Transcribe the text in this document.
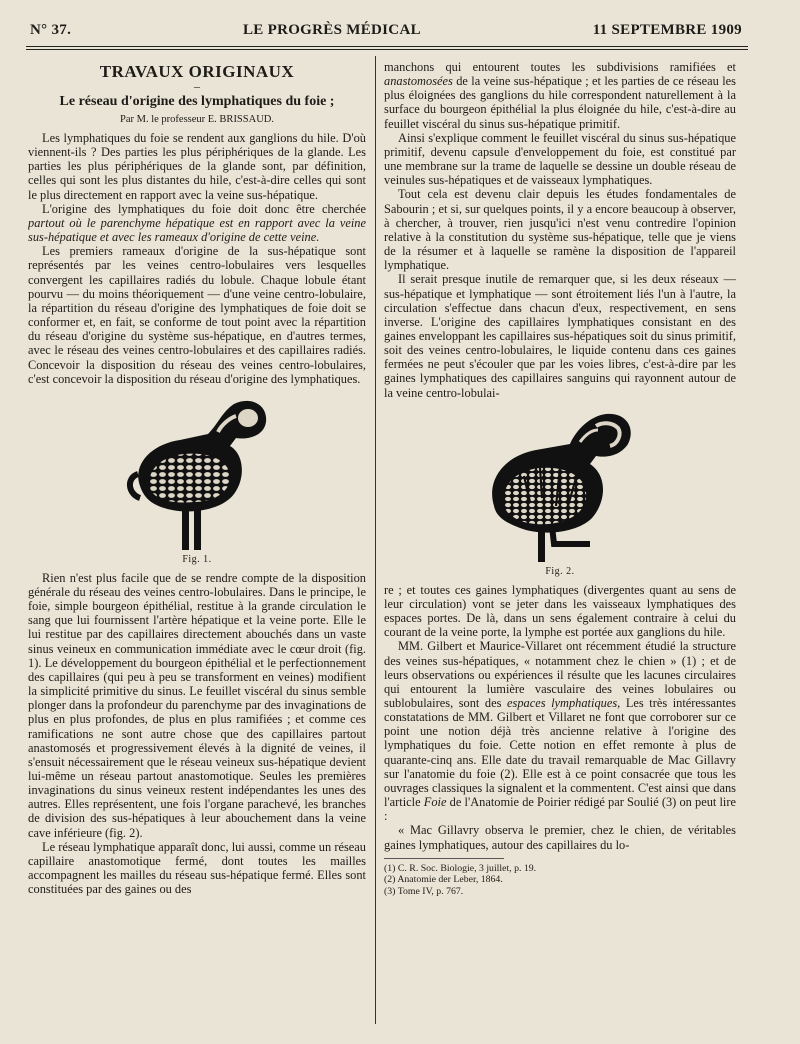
N° 37.	LE PROGRÈS MÉDICAL	11 SEPTEMBRE 1909
TRAVAUX ORIGINAUX
–
Le réseau d'origine des lymphatiques du foie ;
Par M. le professeur E. BRISSAUD.

Les lymphatiques du foie se rendent aux ganglions du hile. D'où viennent-ils ? Des parties les plus périphériques de la glande. Les parties les plus périphériques de la glande sont, par définition, celles qui sont les plus distantes du hile, c'est-à-dire celles qui sont le plus directement en rapport avec la veine sus-hépatique.

L'origine des lymphatiques du foie doit donc être cherchée partout où le parenchyme hépatique est en rapport avec la veine sus-hépatique et avec les rameaux d'origine de cette veine.

Les premiers rameaux d'origine de la sus-hépatique sont représentés par les veines centro-lobulaires vers lesquelles convergent les capillaires radiés du lobule. Chaque lobule étant pourvu — du moins théoriquement — d'une veine centro-lobulaire, la répartition du réseau d'origine des lymphatiques de foie doit se conformer et, en fait, se conforme de tout point avec la répartition du réseau d'origine du système sus-hépatique, en d'autres termes, avec le réseau des veines centro-lobulaires et des capillaires radiés. Concevoir la disposition du réseau des veines centro-lobulaires, c'est concevoir la disposition du réseau d'origine des lymphatiques.

Fig. 1.

Rien n'est plus facile que de se rendre compte de la disposition générale du réseau des veines centro-lobulaires. Dans le principe, le foie, simple bourgeon épithélial, restitue à la grande circulation le sang que lui fournissent l'artère hépatique et la veine porte. Elle le lui restitue par des capillaires directement abouchés dans un vaste sinus veineux en communication immédiate avec le cœur droit (fig. 1). Le développement du bourgeon épithélial et le perfectionnement des capillaires (qui peu à peu se transforment en veines) modifient la simplicité primitive du sinus. Le feuillet viscéral du sinus semble plonger dans la profondeur du parenchyme par des invaginations de plus en plus profondes, de plus en plus ramifiées ; et comme ces ramifications ne sont autre chose que des capillaires partout anastomosés et progressivement élevés à la dignité de veines, il s'ensuit nécessairement que le réseau veineux sus-hépatique devient lui-même un réseau partout anastomotique. Seules les premières invaginations du sinus veineux restent indépendantes les unes des autres. Elles représentent, une fois l'organe parachevé, les branches de division des sus-hépatiques à leur abouchement dans la veine cave inférieure (fig. 2).

Le réseau lymphatique apparaît donc, lui aussi, comme un réseau capillaire anastomotique fermé, dont toutes les mailles accompagnent les mailles du réseau sus-hépatique fermé. Elles sont constituées par des gaines ou des

manchons qui entourent toutes les subdivisions ramifiées et anastomosées de la veine sus-hépatique ; et les parties de ce réseau les plus éloignées des ganglions du hile correspondent naturellement à la surface du bourgeon épithélial la plus éloignée du hile, c'est-à-dire au feuillet viscéral du sinus sus-hépatique primitif.

Ainsi s'explique comment le feuillet viscéral du sinus sus-hépatique primitif, devenu capsule d'enveloppement du foie, est constitué par une membrane sur la trame de laquelle se dessine un double réseau de veinules sus-hépatiques et de vaisseaux lymphatiques.

Tout cela est devenu clair depuis les études fondamentales de Sabourin ; et si, sur quelques points, il y a encore beaucoup à observer, à chercher, à trouver, rien jusqu'ici n'est venu contredire l'opinion relative à la constitution du système sus-hépatique, telle que je viens de la résumer et à laquelle se ramène la disposition de l'appareil lymphatique.

Il serait presque inutile de remarquer que, si les deux réseaux — sus-hépatique et lymphatique — sont étroitement liés l'un à l'autre, la circulation s'effectue dans chacun d'eux, respectivement, en sens inverse. L'origine des capillaires lymphatiques consistant en des gaines enveloppant les capillaires sus-hépatiques soit du sinus primitif, soit des veines centro-lobulaires, le liquide contenu dans ces gaines fermées ne peut s'écouler que par les voies libres, c'est-à-dire par les gaines lymphatiques des capillaires sanguins qui rayonnent autour de la veine centro-lobulai-

Fig. 2.

re ; et toutes ces gaines lymphatiques (divergentes quant au sens de leur circulation) vont se jeter dans les vaisseaux lymphatiques des espaces portes. De là, dans un sens également contraire à celui du courant de la veine porte, la lymphe est portée aux ganglions du hile.

MM. Gilbert et Maurice-Villaret ont récemment étudié la structure des veines sus-hépatiques, « notamment chez le chien » (1) ; et de leurs observations ou expériences il résulte que les lacunes circulaires qui entourent la lumière vasculaire des veines lobulaires ou sublobulaires, sont des espaces lymphatiques, Les très intéressantes constatations de MM. Gilbert et Villaret ne font que corroborer sur ce point une notion déjà très ancienne relative à l'origine des lymphatiques du foie. Cette notion en effet remonte à plus de quarante-cinq ans. Elle date du travail remarquable de Mac Gillavry sur l'anatomie du foie (2). Elle est à ce point consacrée que tous les ouvrages classiques la signalent et la commentent. C'est ainsi que dans l'article Foie de l'Anatomie de Poirier rédigé par Soulié (3) on peut lire :

« Mac Gillavry observa le premier, chez le chien, de véritables gaines lymphatiques, autour des capillaires du lo-

(1) C. R. Soc. Biologie, 3 juillet, p. 19.
(2) Anatomie der Leber, 1864.
(3) Tome IV, p. 767.
